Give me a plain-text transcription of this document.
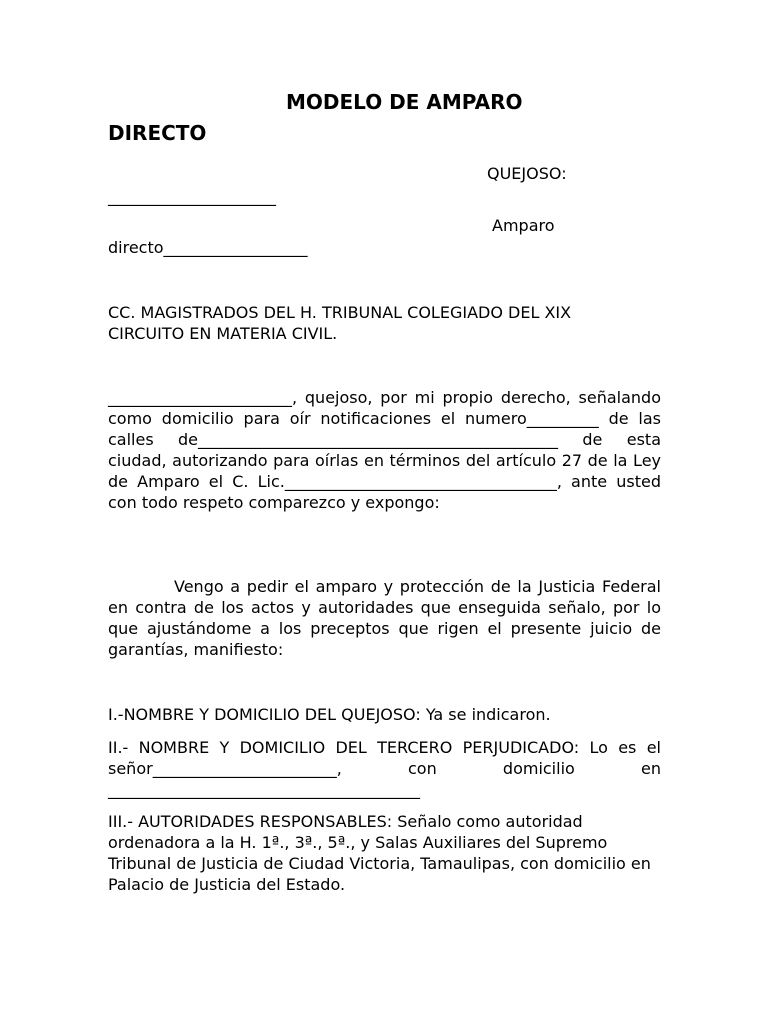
MODELO DE AMPARO
DIRECTO
QUEJOSO:
_____________________
Amparo
directo__________________
CC. MAGISTRADOS DEL H. TRIBUNAL COLEGIADO DEL XIX
CIRCUITO EN MATERIA CIVIL.

_______________________, quejoso, por mi propio derecho, señalando como domicilio para oír notificaciones el numero_________ de las calles de_____________________________________________ de esta ciudad, autorizando para oírlas en términos del artículo 27 de la Ley de Amparo el C. Lic.__________________________________, ante usted con todo respeto comparezco y expongo:

Vengo a pedir el amparo y protección de la Justicia Federal en contra de los actos y autoridades que enseguida señalo, por lo que ajustándome a los preceptos que rigen el presente juicio de garantías, manifiesto:

I.-NOMBRE Y DOMICILIO DEL QUEJOSO: Ya se indicaron.

II.- NOMBRE Y DOMICILIO DEL TERCERO PERJUDICADO: Lo es el señor_______________________, con domicilio en _______________________________________

III.- AUTORIDADES RESPONSABLES: Señalo como autoridad ordenadora a la H. 1ª., 3ª., 5ª., y Salas Auxiliares del Supremo Tribunal de Justicia de Ciudad Victoria, Tamaulipas, con domicilio en Palacio de Justicia del Estado.
